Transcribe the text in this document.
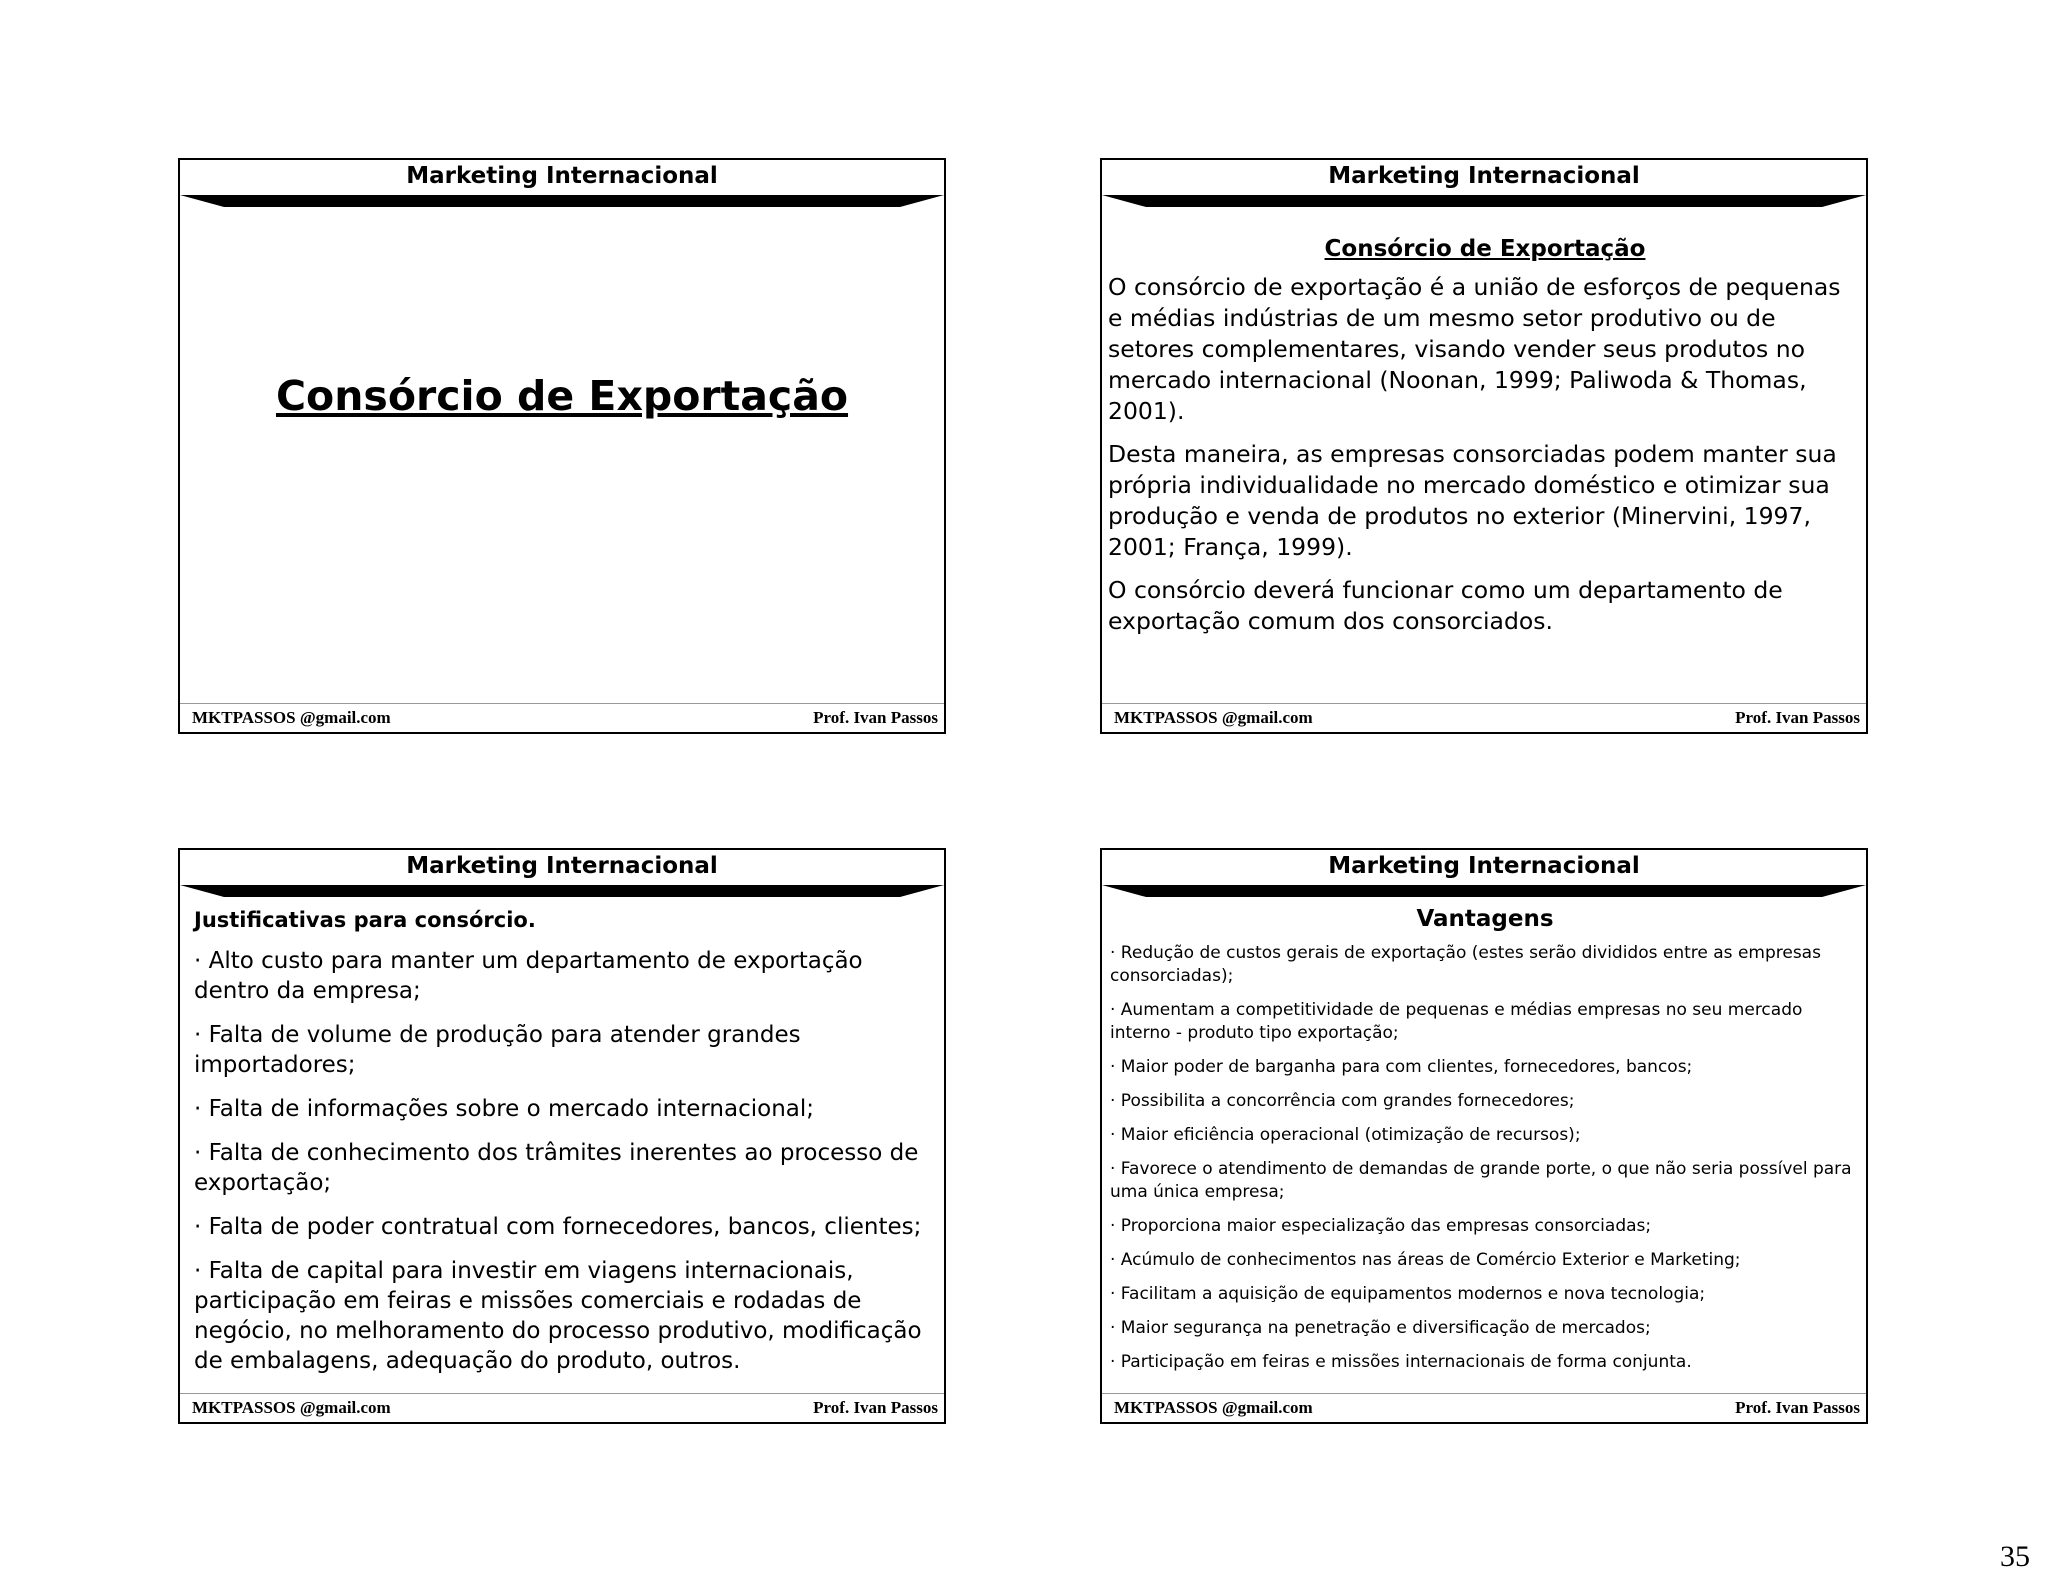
Marketing Internacional
Consórcio de Exportação
MKTPASSOS @gmail.com	Prof. Ivan Passos
Marketing Internacional
Consórcio de Exportação

O consórcio de exportação é a união de esforços de pequenas e médias indústrias de um mesmo setor produtivo ou de setores complementares, visando vender seus produtos no mercado internacional (Noonan, 1999; Paliwoda & Thomas, 2001).

Desta maneira, as empresas consorciadas podem manter sua própria individualidade no mercado doméstico e otimizar sua produção e venda de produtos no exterior (Minervini, 1997, 2001; França, 1999).

O consórcio deverá funcionar como um departamento de exportação comum dos consorciados.

MKTPASSOS @gmail.com	Prof. Ivan Passos
Marketing Internacional
Justificativas para consórcio.
· Alto custo para manter um departamento de exportação dentro da empresa;
· Falta de volume de produção para atender grandes importadores;
· Falta de informações sobre o mercado internacional;
· Falta de conhecimento dos trâmites inerentes ao processo de exportação;
· Falta de poder contratual com fornecedores, bancos, clientes;
· Falta de capital para investir em viagens internacionais, participação em feiras e missões comerciais e rodadas de negócio, no melhoramento do processo produtivo, modificação de embalagens, adequação do produto, outros.
MKTPASSOS @gmail.com	Prof. Ivan Passos
Marketing Internacional
Vantagens
· Redução de custos gerais de exportação (estes serão divididos entre as empresas consorciadas);
· Aumentam a competitividade de pequenas e médias empresas no seu mercado interno - produto tipo exportação;
· Maior poder de barganha para com clientes, fornecedores, bancos;
· Possibilita a concorrência com grandes fornecedores;
· Maior eficiência operacional (otimização de recursos);
· Favorece o atendimento de demandas de grande porte, o que não seria possível para uma única empresa;
· Proporciona maior especialização das empresas consorciadas;
· Acúmulo de conhecimentos nas áreas de Comércio Exterior e Marketing;
· Facilitam a aquisição de equipamentos modernos e nova tecnologia;
· Maior segurança na penetração e diversificação de mercados;
· Participação em feiras e missões internacionais de forma conjunta.
MKTPASSOS @gmail.com	Prof. Ivan Passos
35
